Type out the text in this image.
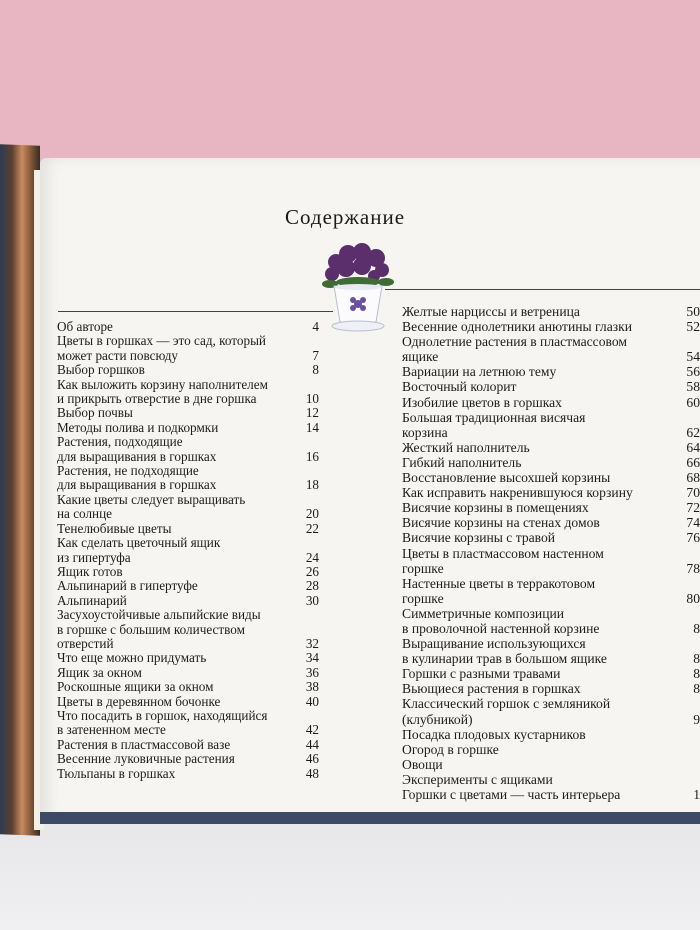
Содержание
Об авторе	4
Цветы в горшках — это сад, который
может расти повсюду	7
Выбор горшков	8
Как выложить корзину наполнителем
и прикрыть отверстие в дне горшка	10
Выбор почвы	12
Методы полива и подкормки	14
Растения, подходящие
для выращивания в горшках	16
Растения, не подходящие
для выращивания в горшках	18
Какие цветы следует выращивать
на солнце	20
Тенелюбивые цветы	22
Как сделать цветочный ящик
из гипертуфа	24
Ящик готов	26
Альпинарий в гипертуфе	28
Альпинарий	30
Засухоустойчивые альпийские виды
в горшке с большим количеством
отверстий	32
Что еще можно придумать	34
Ящик за окном	36
Роскошные ящики за окном	38
Цветы в деревянном бочонке	40
Что посадить в горшок, находящийся
в затененном месте	42
Растения в пластмассовой вазе	44
Весенние луковичные растения	46
Тюльпаны в горшках	48
Желтые нарциссы и ветреница	50
Весенние однолетники анютины глазки	52
Однолетние растения в пластмассовом
ящике	54
Вариации на летнюю тему	56
Восточный колорит	58
Изобилие цветов в горшках	60
Большая традиционная висячая
корзина	62
Жесткий наполнитель	64
Гибкий наполнитель	66
Восстановление высохшей корзины	68
Как исправить накренившуюся корзину	70
Висячие корзины в помещениях	72
Висячие корзины на стенах домов	74
Висячие корзины с травой	76
Цветы в пластмассовом настенном
горшке	78
Настенные цветы в терракотовом
горшке	80
Симметричные композиции
в проволочной настенной корзине	8
Выращивание использующихся
в кулинарии трав в большом ящике	8
Горшки с разными травами	8
Вьющиеся растения в горшках	8
Классический горшок с земляникой
(клубникой)	9
Посадка плодовых кустарников
Огород в горшке
Овощи
Эксперименты с ящиками
Горшки с цветами — часть интерьера	1
